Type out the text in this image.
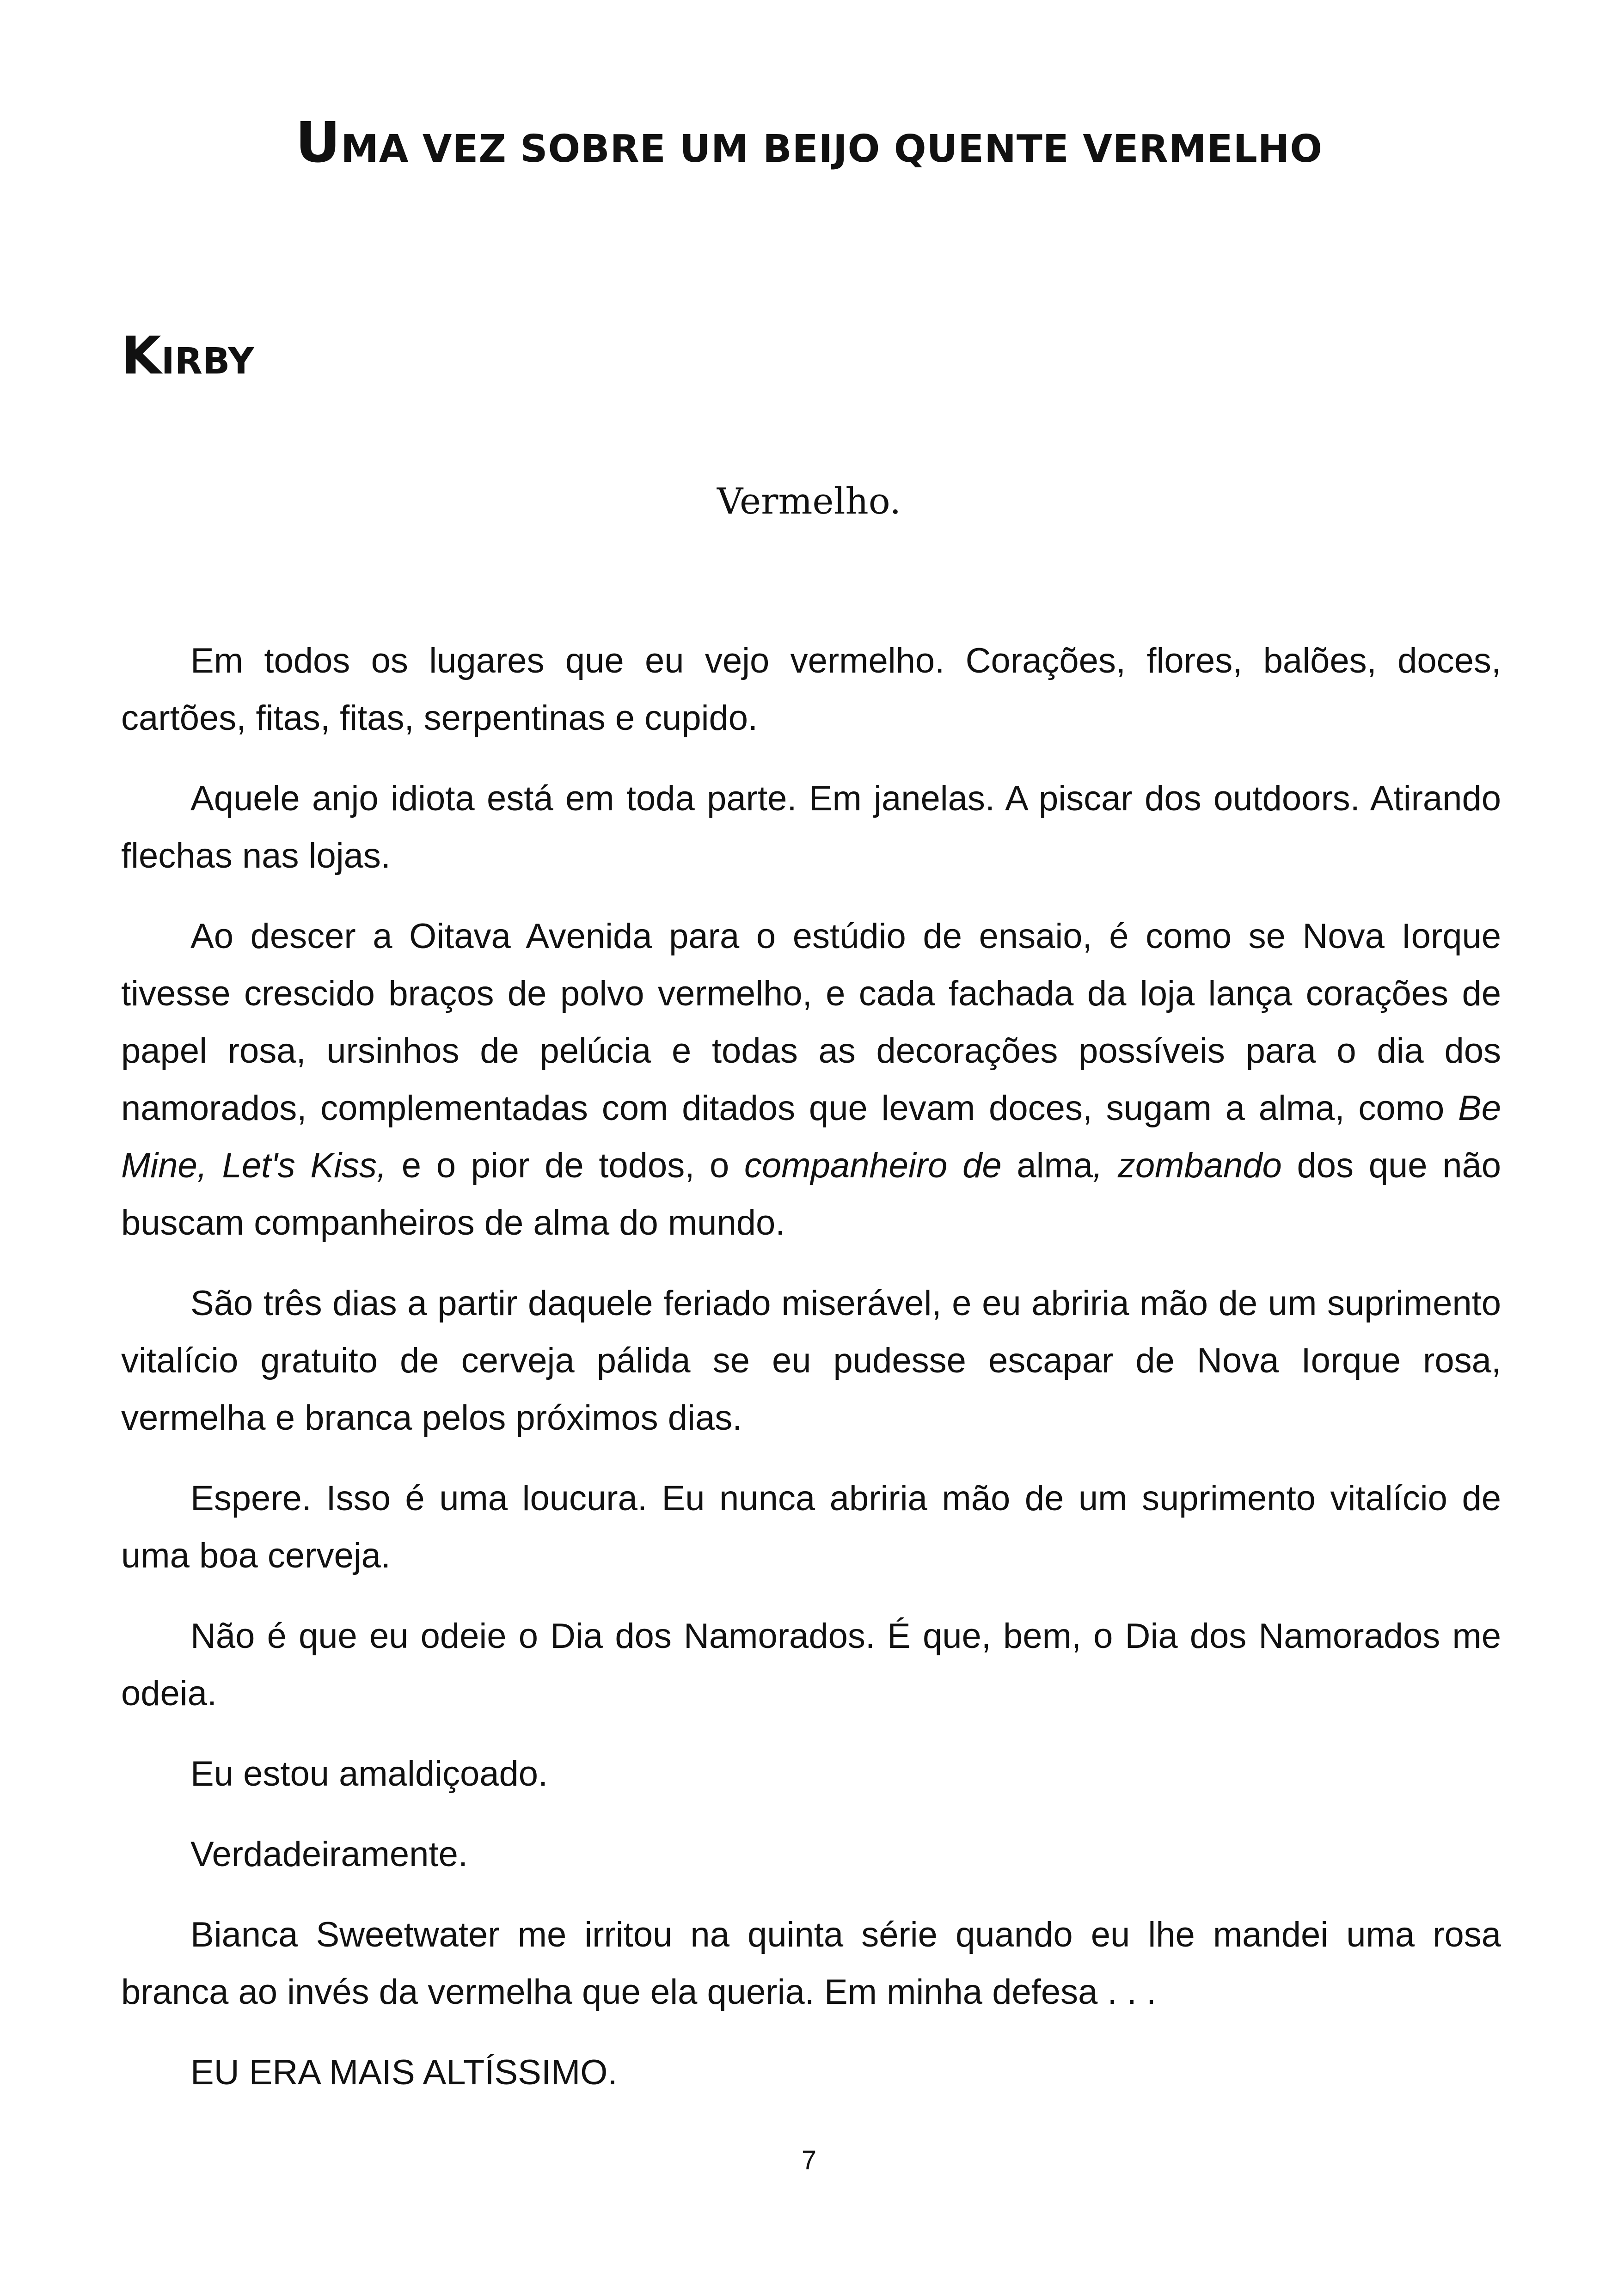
UMA VEZ SOBRE UM BEIJO QUENTE VERMELHO
KIRBY
Vermelho.

Em todos os lugares que eu vejo vermelho. Corações, flores, balões, doces, cartões, fitas, fitas, serpentinas e cupido.

Aquele anjo idiota está em toda parte. Em janelas. A piscar dos outdoors. Atirando flechas nas lojas.

Ao descer a Oitava Avenida para o estúdio de ensaio, é como se Nova Iorque tivesse crescido braços de polvo vermelho, e cada fachada da loja lança corações de papel rosa, ursinhos de pelúcia e todas as decorações possíveis para o dia dos namorados, complementadas com ditados que levam doces, sugam a alma, como Be Mine, Let's Kiss, e o pior de todos, o companheiro de alma, zombando dos que não buscam companheiros de alma do mundo.

São três dias a partir daquele feriado miserável, e eu abriria mão de um suprimento vitalício gratuito de cerveja pálida se eu pudesse escapar de Nova Iorque rosa, vermelha e branca pelos próximos dias.

Espere. Isso é uma loucura. Eu nunca abriria mão de um suprimento vitalício de uma boa cerveja.

Não é que eu odeie o Dia dos Namorados. É que, bem, o Dia dos Namorados me odeia.

Eu estou amaldiçoado.

Verdadeiramente.

Bianca Sweetwater me irritou na quinta série quando eu lhe mandei uma rosa branca ao invés da vermelha que ela queria. Em minha defesa . . .

EU ERA MAIS ALTÍSSIMO.

7
